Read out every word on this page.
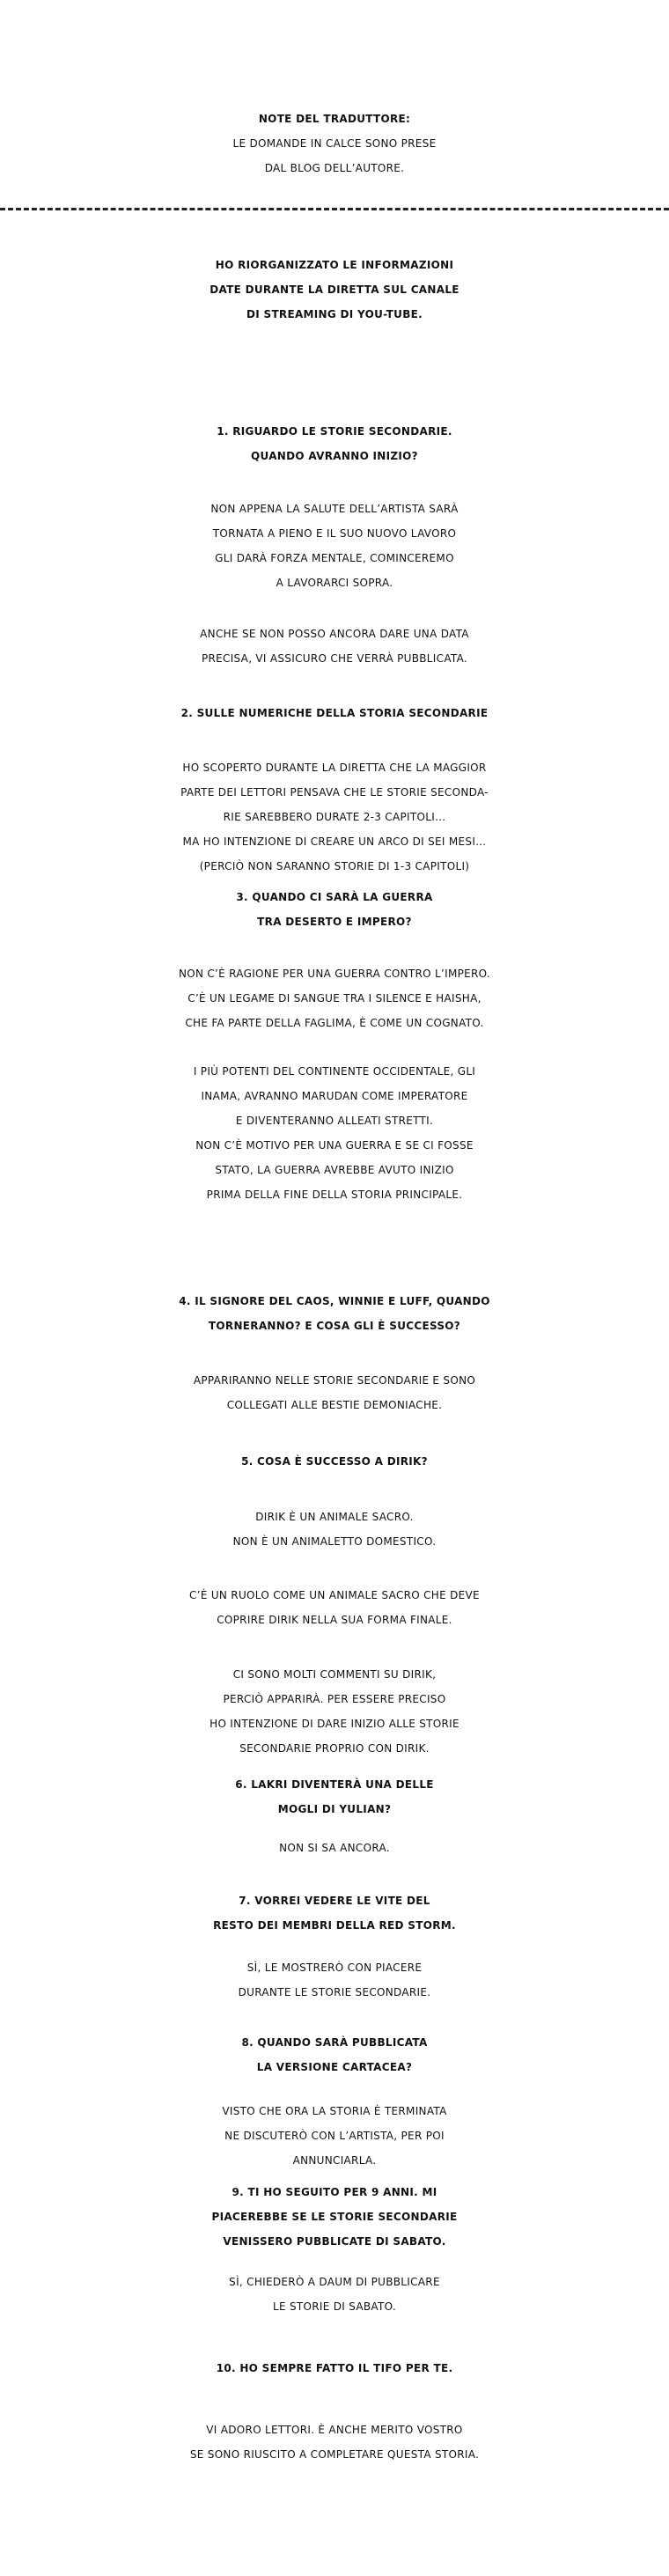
NOTE DEL TRADUTTORE:
LE DOMANDE IN CALCE SONO PRESE
DAL BLOG DELL’AUTORE.
HO RIORGANIZZATO LE INFORMAZIONI
DATE DURANTE LA DIRETTA SUL CANALE
DI STREAMING DI YOU-TUBE.
1. RIGUARDO LE STORIE SECONDARIE.
QUANDO AVRANNO INIZIO?
NON APPENA LA SALUTE DELL’ARTISTA SARÀ
TORNATA A PIENO E IL SUO NUOVO LAVORO
GLI DARÀ FORZA MENTALE, COMINCEREMO
A LAVORARCI SOPRA.
ANCHE SE NON POSSO ANCORA DARE UNA DATA
PRECISA, VI ASSICURO CHE VERRÀ PUBBLICATA.
2. SULLE NUMERICHE DELLA STORIA SECONDARIE
HO SCOPERTO DURANTE LA DIRETTA CHE LA MAGGIOR
PARTE DEI LETTORI PENSAVA CHE LE STORIE SECONDA-
RIE SAREBBERO DURATE 2-3 CAPITOLI…
MA HO INTENZIONE DI CREARE UN ARCO DI SEI MESI…
(PERCIÒ NON SARANNO STORIE DI 1-3 CAPITOLI)
3. QUANDO CI SARÀ LA GUERRA
TRA DESERTO E IMPERO?
NON C’È RAGIONE PER UNA GUERRA CONTRO L’IMPERO.
C’È UN LEGAME DI SANGUE TRA I SILENCE E HAISHA,
CHE FA PARTE DELLA FAGLIMA, È COME UN COGNATO.
I PIÙ POTENTI DEL CONTINENTE OCCIDENTALE, GLI
INAMA, AVRANNO MARUDAN COME IMPERATORE
E DIVENTERANNO ALLEATI STRETTI.
NON C’È MOTIVO PER UNA GUERRA E SE CI FOSSE
STATO, LA GUERRA AVREBBE AVUTO INIZIO
PRIMA DELLA FINE DELLA STORIA PRINCIPALE.
4. IL SIGNORE DEL CAOS, WINNIE E LUFF, QUANDO
TORNERANNO? E COSA GLI È SUCCESSO?
APPARIRANNO NELLE STORIE SECONDARIE E SONO
COLLEGATI ALLE BESTIE DEMONIACHE.
5. COSA È SUCCESSO A DIRIK?
DIRIK È UN ANIMALE SACRO.
NON È UN ANIMALETTO DOMESTICO.
C’È UN RUOLO COME UN ANIMALE SACRO CHE DEVE
COPRIRE DIRIK NELLA SUA FORMA FINALE.
CI SONO MOLTI COMMENTI SU DIRIK,
PERCIÒ APPARIRÀ. PER ESSERE PRECISO
HO INTENZIONE DI DARE INIZIO ALLE STORIE
SECONDARIE PROPRIO CON DIRIK.
6. LAKRI DIVENTERÀ UNA DELLE
MOGLI DI YULIAN?
NON SI SA ANCORA.
7. VORREI VEDERE LE VITE DEL
RESTO DEI MEMBRI DELLA RED STORM.
SÌ, LE MOSTRERÒ CON PIACERE
DURANTE LE STORIE SECONDARIE.
8. QUANDO SARÀ PUBBLICATA
LA VERSIONE CARTACEA?
VISTO CHE ORA LA STORIA È TERMINATA
NE DISCUTERÒ CON L’ARTISTA, PER POI
ANNUNCIARLA.
9. TI HO SEGUITO PER 9 ANNI. MI
PIACEREBBE SE LE STORIE SECONDARIE
VENISSERO PUBBLICATE DI SABATO.
SÌ, CHIEDERÒ A DAUM DI PUBBLICARE
LE STORIE DI SABATO.
10. HO SEMPRE FATTO IL TIFO PER TE.
VI ADORO LETTORI. È ANCHE MERITO VOSTRO
SE SONO RIUSCITO A COMPLETARE QUESTA STORIA.
